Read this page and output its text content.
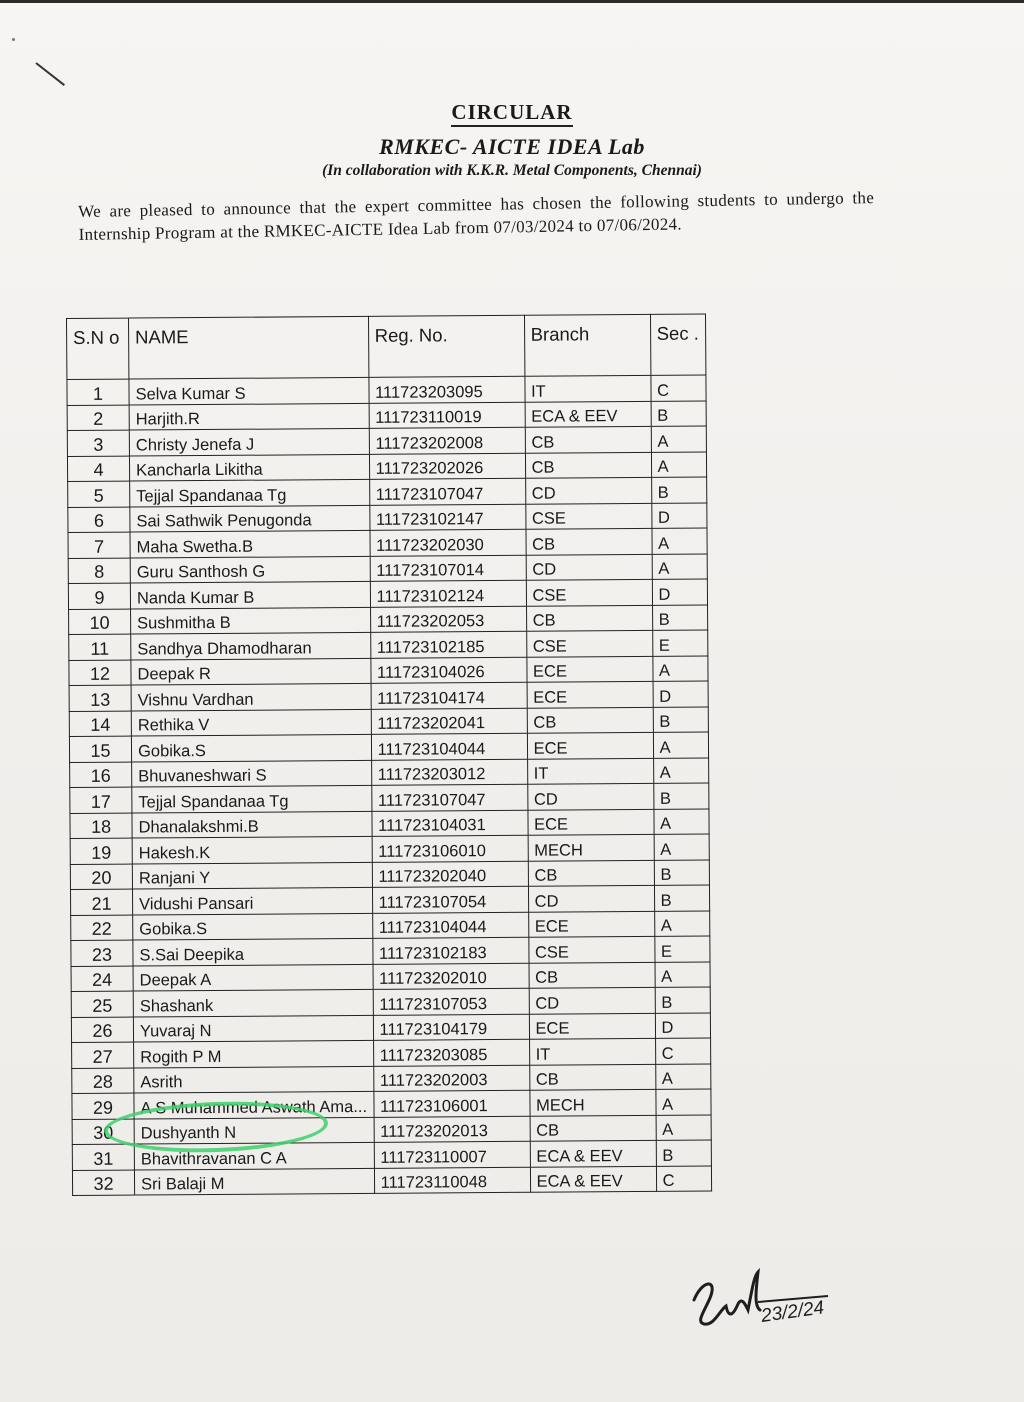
CIRCULAR
RMKEC- AICTE IDEA Lab
(In collaboration with K.K.R. Metal Components, Chennai)
We are pleased to announce that the expert committee has chosen the following students to undergo the Internship Program at the RMKEC-AICTE Idea Lab from 07/03/2024 to 07/06/2024.
S.N o	NAME	Reg. No.	Branch	Sec .
1	Selva Kumar S	111723203095	IT	C
2	Harjith.R	111723110019	ECA & EEV	B
3	Christy Jenefa J	111723202008	CB	A
4	Kancharla Likitha	111723202026	CB	A
5	Tejjal Spandanaa Tg	111723107047	CD	B
6	Sai Sathwik Penugonda	111723102147	CSE	D
7	Maha Swetha.B	111723202030	CB	A
8	Guru Santhosh G	111723107014	CD	A
9	Nanda Kumar B	111723102124	CSE	D
10	Sushmitha B	111723202053	CB	B
11	Sandhya Dhamodharan	111723102185	CSE	E
12	Deepak R	111723104026	ECE	A
13	Vishnu Vardhan	111723104174	ECE	D
14	Rethika V	111723202041	CB	B
15	Gobika.S	111723104044	ECE	A
16	Bhuvaneshwari S	111723203012	IT	A
17	Tejjal Spandanaa Tg	111723107047	CD	B
18	Dhanalakshmi.B	111723104031	ECE	A
19	Hakesh.K	111723106010	MECH	A
20	Ranjani Y	111723202040	CB	B
21	Vidushi Pansari	111723107054	CD	B
22	Gobika.S	111723104044	ECE	A
23	S.Sai Deepika	111723102183	CSE	E
24	Deepak A	111723202010	CB	A
25	Shashank	111723107053	CD	B
26	Yuvaraj N	111723104179	ECE	D
27	Rogith P M	111723203085	IT	C
28	Asrith	111723202003	CB	A
29	A S Muhammed Aswath Ama...	111723106001	MECH	A
30	Dushyanth N	111723202013	CB	A
31	Bhavithravanan C A	111723110007	ECA & EEV	B
32	Sri Balaji M	111723110048	ECA & EEV	C
23/2/24
